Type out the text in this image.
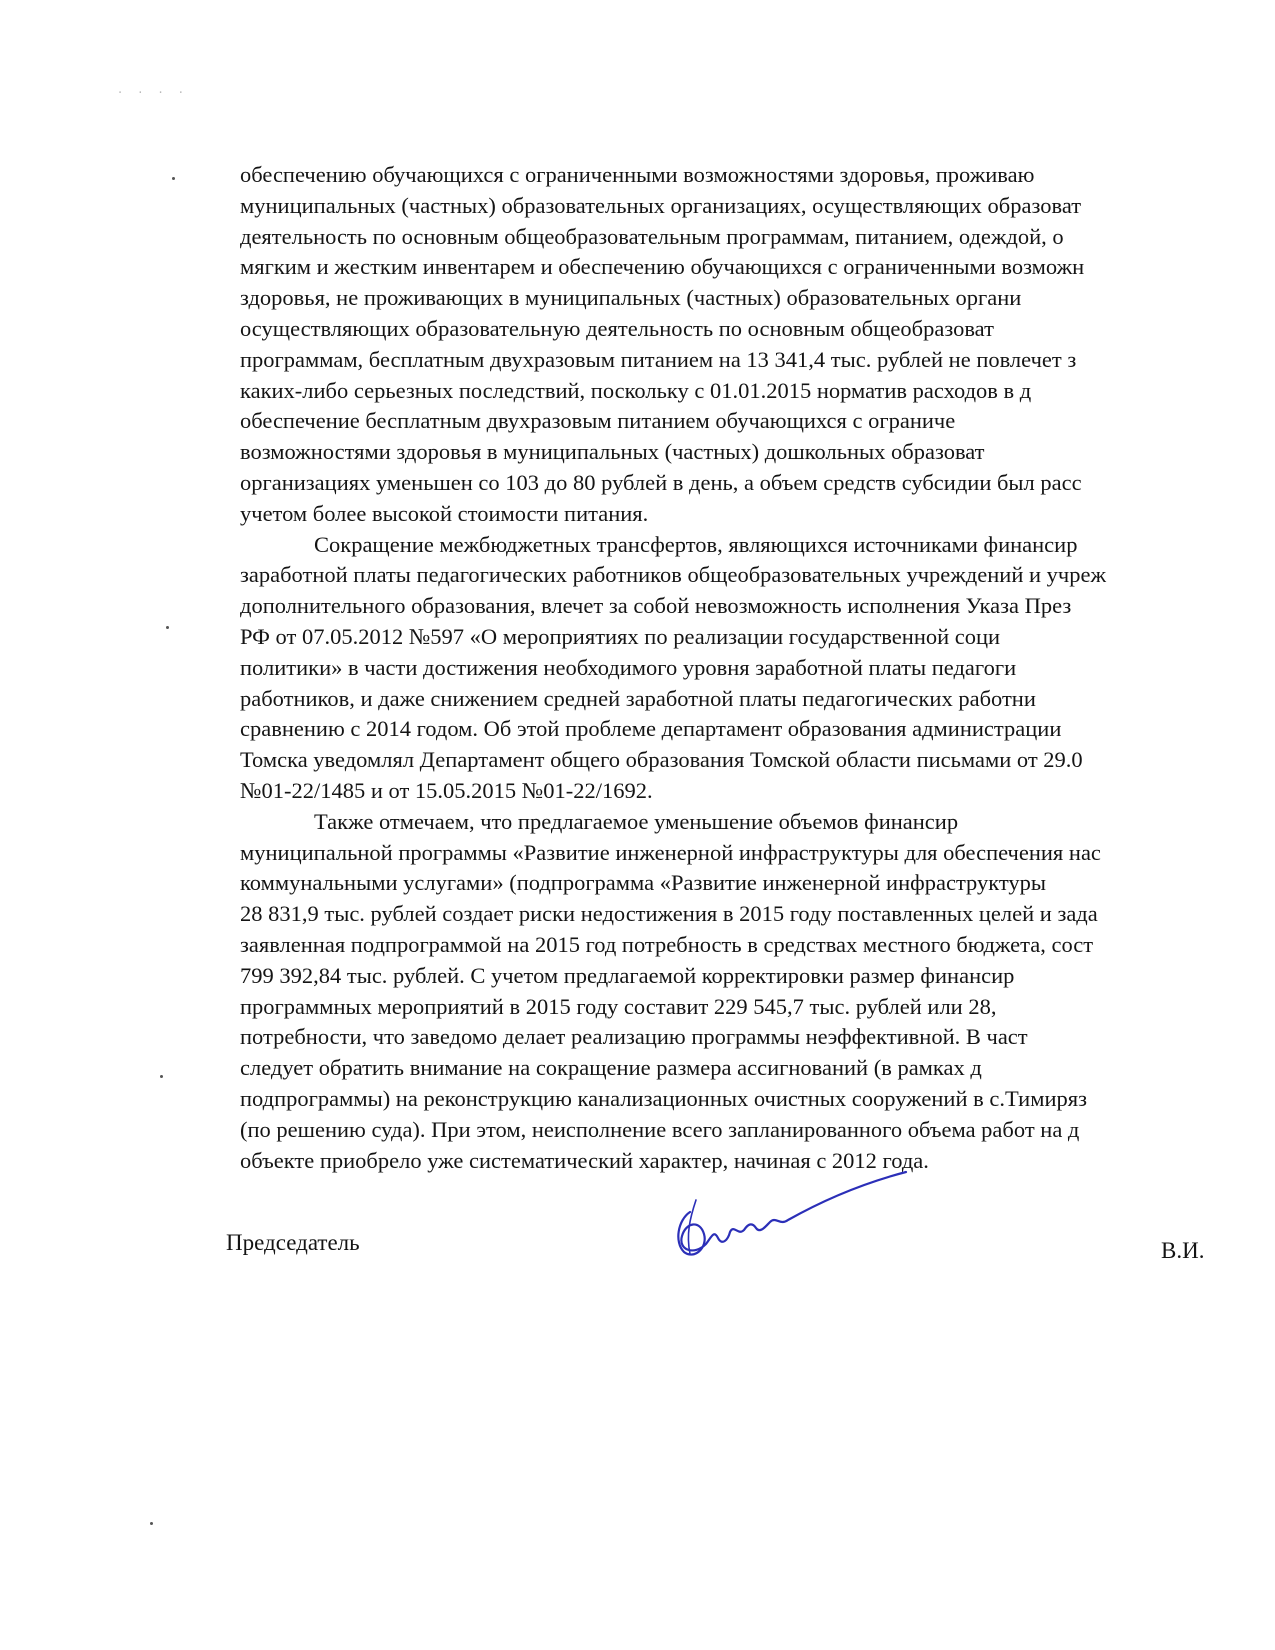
· · · ·
обеспечению обучающихся с ограниченными возможностями здоровья, проживаю
муниципальных (частных) образовательных организациях, осуществляющих образоват
деятельность по основным общеобразовательным программам, питанием, одеждой, о
мягким и жестким инвентарем и обеспечению обучающихся с ограниченными возможн
здоровья, не проживающих в муниципальных (частных) образовательных органи
осуществляющих образовательную деятельность по основным общеобразоват
программам, бесплатным двухразовым питанием на 13 341,4 тыс. рублей не повлечет з
каких-либо серьезных последствий, поскольку с 01.01.2015 норматив расходов в д
обеспечение бесплатным двухразовым питанием обучающихся с ограниче
возможностями здоровья в муниципальных (частных) дошкольных образоват
организациях уменьшен со 103 до 80 рублей в день, а объем средств субсидии был расс
учетом более высокой стоимости питания.
Сокращение межбюджетных трансфертов, являющихся источниками финансир
заработной платы педагогических работников общеобразовательных учреждений и учреж
дополнительного образования, влечет за собой невозможность исполнения Указа През
РФ от 07.05.2012 №597 «О мероприятиях по реализации государственной соци
политики» в части достижения необходимого уровня заработной платы педагоги
работников, и даже снижением средней заработной платы педагогических работни
сравнению с 2014 годом. Об этой проблеме департамент образования администрации
Томска уведомлял Департамент общего образования Томской области письмами от 29.0
№01-22/1485 и от 15.05.2015 №01-22/1692.
Также отмечаем, что предлагаемое уменьшение объемов финансир
муниципальной программы «Развитие инженерной инфраструктуры для обеспечения нас
коммунальными услугами» (подпрограмма «Развитие инженерной инфраструктуры
28 831,9 тыс. рублей создает риски недостижения в 2015 году поставленных целей и зада
заявленная подпрограммой на 2015 год потребность в средствах местного бюджета, сост
799 392,84 тыс. рублей. С учетом предлагаемой корректировки размер финансир
программных мероприятий в 2015 году составит 229 545,7 тыс. рублей или 28,
потребности, что заведомо делает реализацию программы неэффективной. В част
следует обратить внимание на сокращение размера ассигнований (в рамках д
подпрограммы) на реконструкцию канализационных очистных сооружений в с.Тимиряз
(по решению суда). При этом, неисполнение всего запланированного объема работ на д
объекте приобрело уже систематический характер, начиная с 2012 года.
Председатель	В.И.
